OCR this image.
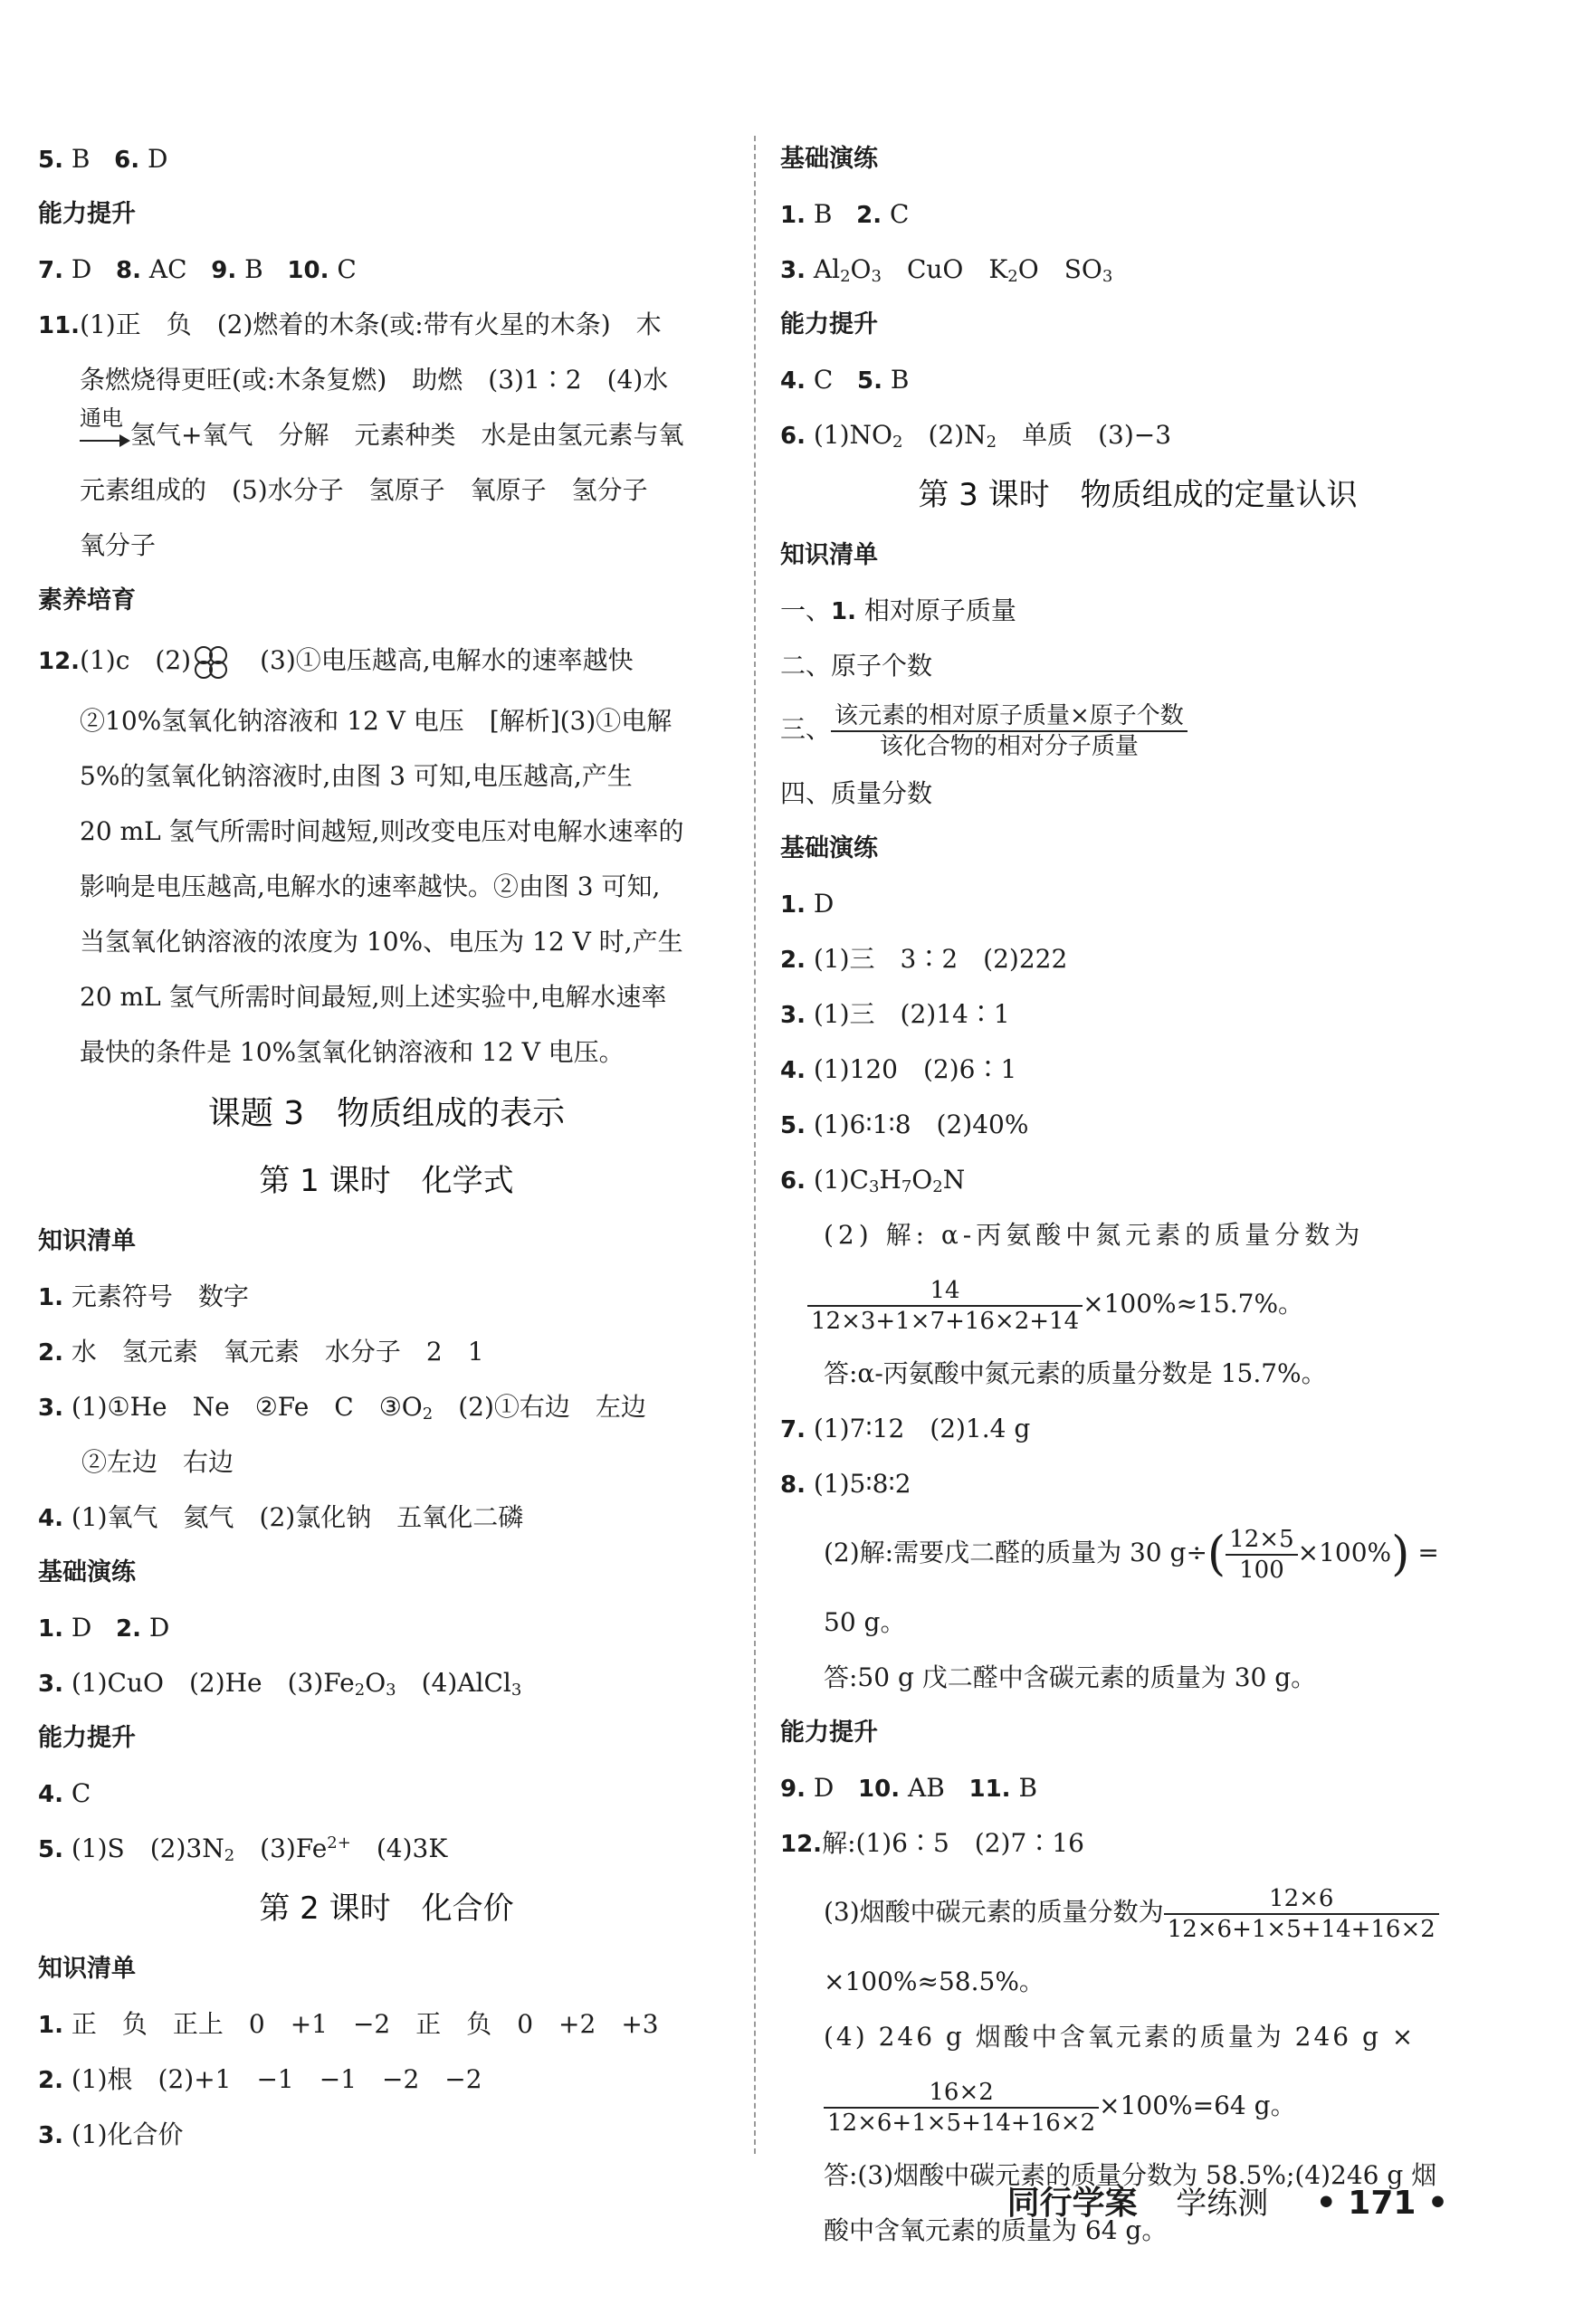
5. B 6. D
能力提升
7. D 8. AC 9. B 10. C
11.(1)正　负　(2)燃着的木条(或:带有火星的木条)　木
条燃烧得更旺(或:木条复燃)　助燃　(3)1∶2　(4)水
通电
氢气+氧气　分解　元素种类　水是由氢元素与氧
元素组成的　(5)水分子　氢原子　氧原子　氢分子
氧分子
素养培育
12.(1)c　(2)　(3)①电压越高,电解水的速率越快
②10%氢氧化钠溶液和 12 V 电压　[解析](3)①电解
5%的氢氧化钠溶液时,由图 3 可知,电压越高,产生
20 mL 氢气所需时间越短,则改变电压对电解水速率的
影响是电压越高,电解水的速率越快。②由图 3 可知,
当氢氧化钠溶液的浓度为 10%、电压为 12 V 时,产生
20 mL 氢气所需时间最短,则上述实验中,电解水速率
最快的条件是 10%氢氧化钠溶液和 12 V 电压。
课题 3　物质组成的表示
第 1 课时　化学式
知识清单
1. 元素符号　数字
2. 水　氢元素　氧元素　水分子　2　1
3. (1)①He　Ne　②Fe　C　$③O_2$　(2)①右边　左边
②左边　右边
4. (1)氧气　氦气　(2)氯化钠　五氧化二磷
基础演练
1. D 2. D
3. (1)CuO　(2)He　$(3)Fe_2O_3$　(4)AlCl$_3$
能力提升
4. C
5. (1)S　$(2)3N_2$　$(3)Fe^{2+}$　(4)3K
第 2 课时　化合价
知识清单
1. 正　负　正上　0　+1　−2　正　负　0　+2　+3
2. (1)根　(2)+1　−1　−1　−2　−2
3. (1)化合价
基础演练
1. B 2. C
3. $Al_2O_3$　CuO　$K_2O$　$SO_3$
能力提升
4. C 5. B
6. $(1)NO_2$　$(2)N_2$　单质　(3)−3
第 3 课时　物质组成的定量认识
知识清单
一、1. 相对原子质量
二、原子个数
三、 $\frac{\text{该元素的相对原子质量×原子个数}}{\text{该化合物的相对分子质量}}$
四、质量分数
基础演练
1. D
2. (1)三　3∶2　(2)222
3. (1)三　(2)14∶1
4. (1)120　(2)6∶1
5. (1)6∶1∶8　(2)40%
6. $(1)C_3H_7O_2N$
(2) 解: α-丙氨酸中氮元素的质量分数为
$\frac{14}{12\times 3+1\times 7+16\times 2+14} \times 100\%\approx 15.7\%$。
答:α-丙氨酸中氮元素的质量分数是 15.7%。
7. (1)7∶12　(2)1.4 g
8. (1)5∶8∶2
(2)解:需要戊二醛的质量为 30 $g\div( \frac{12\times 5}{100} \times 100\%)$ =
50 g。
答:50 g 戊二醛中含碳元素的质量为 30 g。
能力提升
9. D 10. AB 11. B
12.解:(1)6∶5　(2)7∶16
(3)烟酸中碳元素的质量分数为 $\frac{12\times 6}{12\times 6+1\times 5+14+16\times 2}$
×100%≈58.5%。
(4) 246 g 烟酸中含氧元素的质量为 246 g ×
$\frac{16\times 2}{12\times 6+1\times 5+14+16\times 2} \times 100\%=64$ g。
答:(3)烟酸中碳元素的质量分数为 58.5%;(4)246 g 烟
酸中含氧元素的质量为 64 g。
同行学案 学练测 • 171 •
